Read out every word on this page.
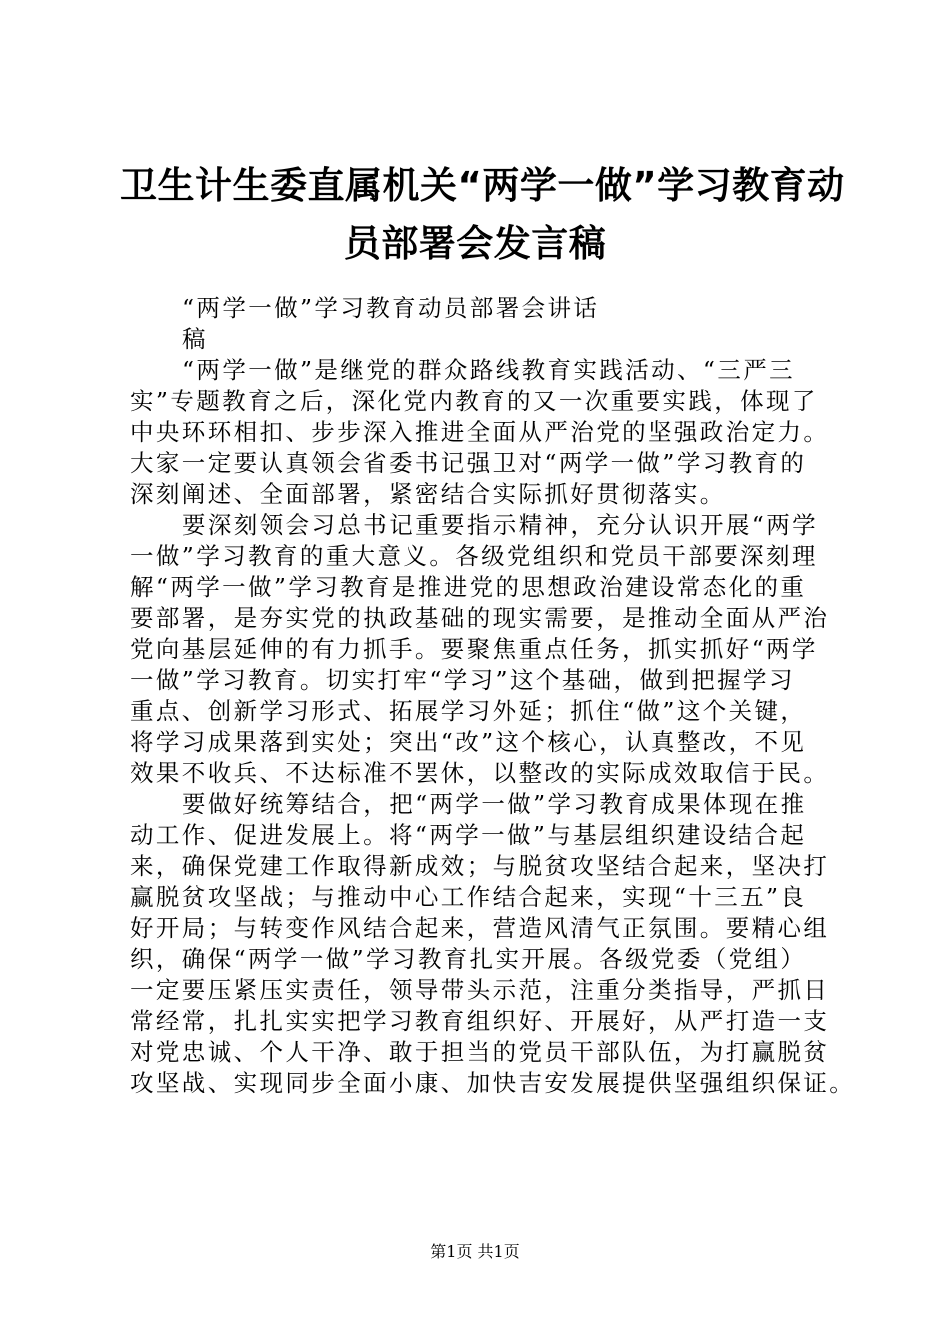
卫生计生委直属机关“两学一做”学习教育动
员部署会发言稿
“两学一做”学习教育动员部署会讲话
稿
“两学一做”是继党的群众路线教育实践活动、“三严三
实”专题教育之后，深化党内教育的又一次重要实践，体现了
中央环环相扣、步步深入推进全面从严治党的坚强政治定力。
大家一定要认真领会省委书记强卫对“两学一做”学习教育的
深刻阐述、全面部署，紧密结合实际抓好贯彻落实。
要深刻领会习总书记重要指示精神，充分认识开展“两学
一做”学习教育的重大意义。各级党组织和党员干部要深刻理
解“两学一做”学习教育是推进党的思想政治建设常态化的重
要部署，是夯实党的执政基础的现实需要，是推动全面从严治
党向基层延伸的有力抓手。要聚焦重点任务，抓实抓好“两学
一做”学习教育。切实打牢“学习”这个基础，做到把握学习
重点、创新学习形式、拓展学习外延；抓住“做”这个关键，
将学习成果落到实处；突出“改”这个核心，认真整改，不见
效果不收兵、不达标准不罢休，以整改的实际成效取信于民。
要做好统筹结合，把“两学一做”学习教育成果体现在推
动工作、促进发展上。将“两学一做”与基层组织建设结合起
来，确保党建工作取得新成效；与脱贫攻坚结合起来，坚决打
赢脱贫攻坚战；与推动中心工作结合起来，实现“十三五”良
好开局；与转变作风结合起来，营造风清气正氛围。要精心组
织，确保“两学一做”学习教育扎实开展。各级党委（党组）
一定要压紧压实责任，领导带头示范，注重分类指导，严抓日
常经常，扎扎实实把学习教育组织好、开展好，从严打造一支
对党忠诚、个人干净、敢于担当的党员干部队伍，为打赢脱贫
攻坚战、实现同步全面小康、加快吉安发展提供坚强组织保证。
第1页 共1页
